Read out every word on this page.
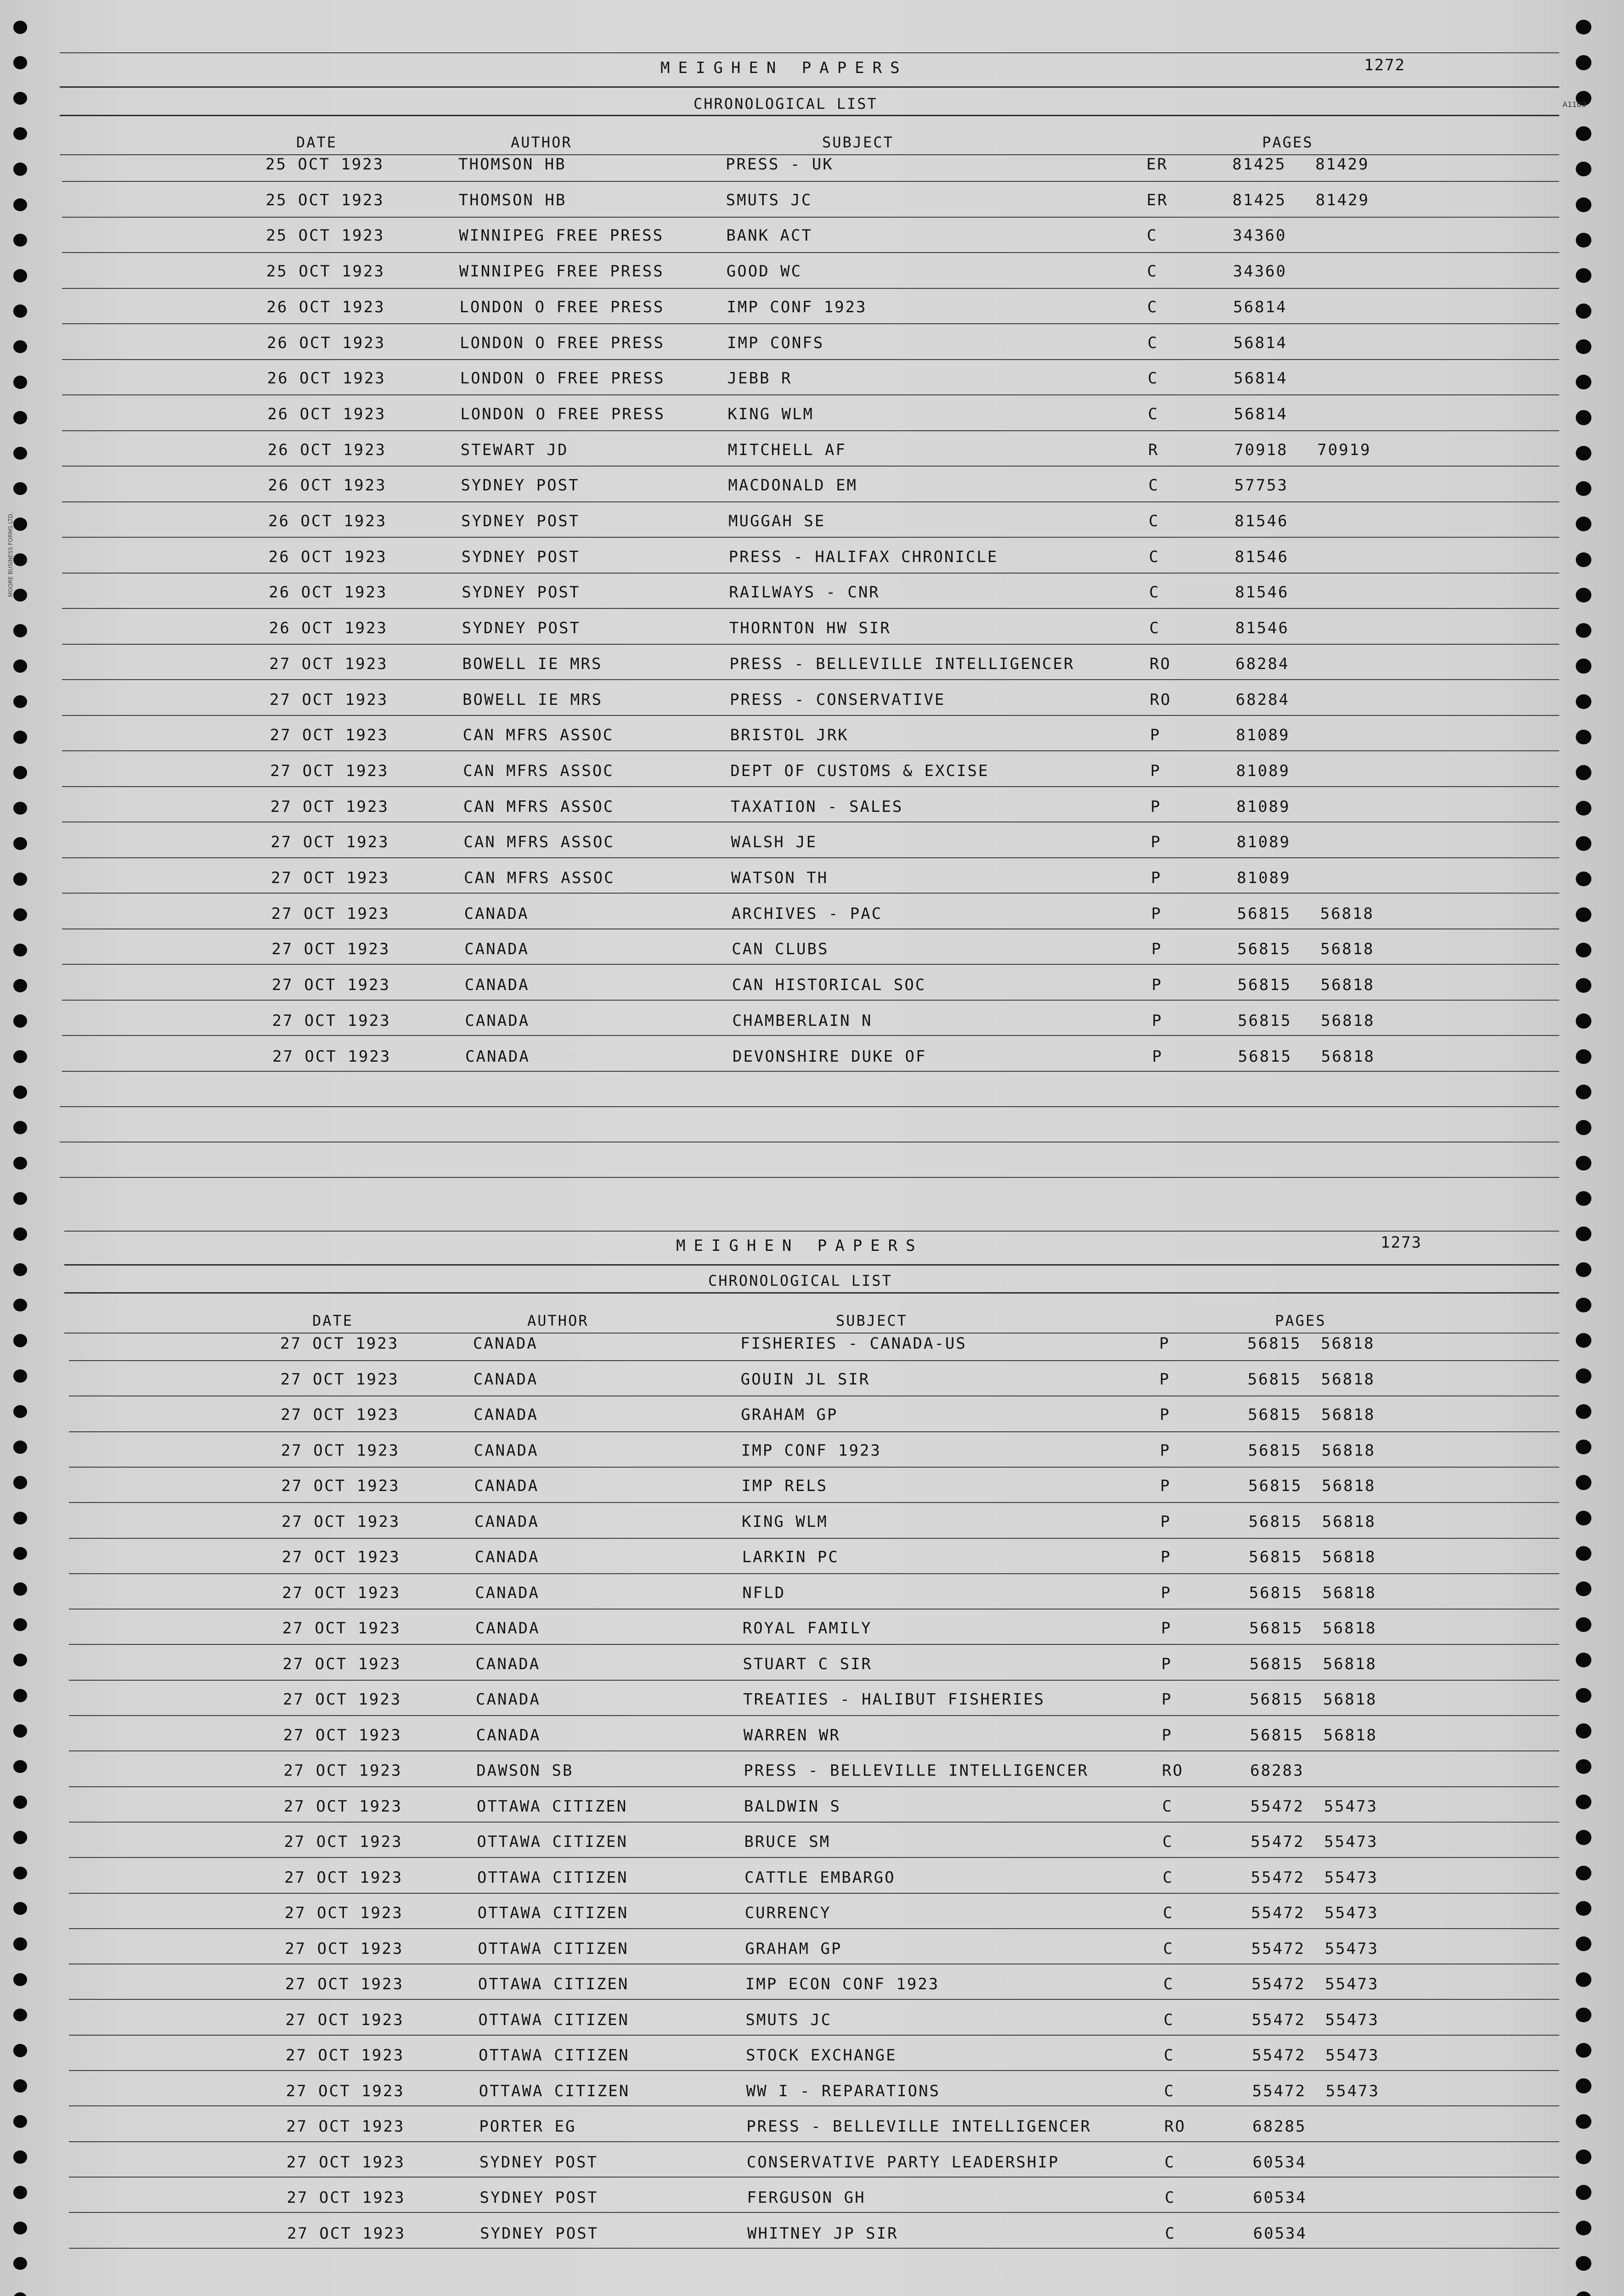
A1103
MOORE BUSINESS FORMS LTD.
MEIGHEN PAPERS	1272
CHRONOLOGICAL LIST
DATE	AUTHOR	SUBJECT	PAGES
25 OCT 1923	THOMSON HB	PRESS - UK	ER	81425 81429
25 OCT 1923	THOMSON HB	SMUTS JC	ER	81425 81429
25 OCT 1923	WINNIPEG FREE PRESS	BANK ACT	C	34360
25 OCT 1923	WINNIPEG FREE PRESS	GOOD WC	C	34360
26 OCT 1923	LONDON O FREE PRESS	IMP CONF 1923	C	56814
26 OCT 1923	LONDON O FREE PRESS	IMP CONFS	C	56814
26 OCT 1923	LONDON O FREE PRESS	JEBB R	C	56814
26 OCT 1923	LONDON O FREE PRESS	KING WLM	C	56814
26 OCT 1923	STEWART JD	MITCHELL AF	R	70918 70919
26 OCT 1923	SYDNEY POST	MACDONALD EM	C	57753
26 OCT 1923	SYDNEY POST	MUGGAH SE	C	81546
26 OCT 1923	SYDNEY POST	PRESS - HALIFAX CHRONICLE	C	81546
26 OCT 1923	SYDNEY POST	RAILWAYS - CNR	C	81546
26 OCT 1923	SYDNEY POST	THORNTON HW SIR	C	81546
27 OCT 1923	BOWELL IE MRS	PRESS - BELLEVILLE INTELLIGENCER	RO	68284
27 OCT 1923	BOWELL IE MRS	PRESS - CONSERVATIVE	RO	68284
27 OCT 1923	CAN MFRS ASSOC	BRISTOL JRK	P	81089
27 OCT 1923	CAN MFRS ASSOC	DEPT OF CUSTOMS & EXCISE	P	81089
27 OCT 1923	CAN MFRS ASSOC	TAXATION - SALES	P	81089
27 OCT 1923	CAN MFRS ASSOC	WALSH JE	P	81089
27 OCT 1923	CAN MFRS ASSOC	WATSON TH	P	81089
27 OCT 1923	CANADA	ARCHIVES - PAC	P	56815 56818
27 OCT 1923	CANADA	CAN CLUBS	P	56815 56818
27 OCT 1923	CANADA	CAN HISTORICAL SOC	P	56815 56818
27 OCT 1923	CANADA	CHAMBERLAIN N	P	56815 56818
27 OCT 1923	CANADA	DEVONSHIRE DUKE OF	P	56815 56818
MEIGHEN PAPERS	1273
CHRONOLOGICAL LIST
DATE	AUTHOR	SUBJECT	PAGES
27 OCT 1923	CANADA	FISHERIES - CANADA-US	P	56815 56818
27 OCT 1923	CANADA	GOUIN JL SIR	P	56815 56818
27 OCT 1923	CANADA	GRAHAM GP	P	56815 56818
27 OCT 1923	CANADA	IMP CONF 1923	P	56815 56818
27 OCT 1923	CANADA	IMP RELS	P	56815 56818
27 OCT 1923	CANADA	KING WLM	P	56815 56818
27 OCT 1923	CANADA	LARKIN PC	P	56815 56818
27 OCT 1923	CANADA	NFLD	P	56815 56818
27 OCT 1923	CANADA	ROYAL FAMILY	P	56815 56818
27 OCT 1923	CANADA	STUART C SIR	P	56815 56818
27 OCT 1923	CANADA	TREATIES - HALIBUT FISHERIES	P	56815 56818
27 OCT 1923	CANADA	WARREN WR	P	56815 56818
27 OCT 1923	DAWSON SB	PRESS - BELLEVILLE INTELLIGENCER	RO	68283
27 OCT 1923	OTTAWA CITIZEN	BALDWIN S	C	55472 55473
27 OCT 1923	OTTAWA CITIZEN	BRUCE SM	C	55472 55473
27 OCT 1923	OTTAWA CITIZEN	CATTLE EMBARGO	C	55472 55473
27 OCT 1923	OTTAWA CITIZEN	CURRENCY	C	55472 55473
27 OCT 1923	OTTAWA CITIZEN	GRAHAM GP	C	55472 55473
27 OCT 1923	OTTAWA CITIZEN	IMP ECON CONF 1923	C	55472 55473
27 OCT 1923	OTTAWA CITIZEN	SMUTS JC	C	55472 55473
27 OCT 1923	OTTAWA CITIZEN	STOCK EXCHANGE	C	55472 55473
27 OCT 1923	OTTAWA CITIZEN	WW I - REPARATIONS	C	55472 55473
27 OCT 1923	PORTER EG	PRESS - BELLEVILLE INTELLIGENCER	RO	68285
27 OCT 1923	SYDNEY POST	CONSERVATIVE PARTY LEADERSHIP	C	60534
27 OCT 1923	SYDNEY POST	FERGUSON GH	C	60534
27 OCT 1923	SYDNEY POST	WHITNEY JP SIR	C	60534
